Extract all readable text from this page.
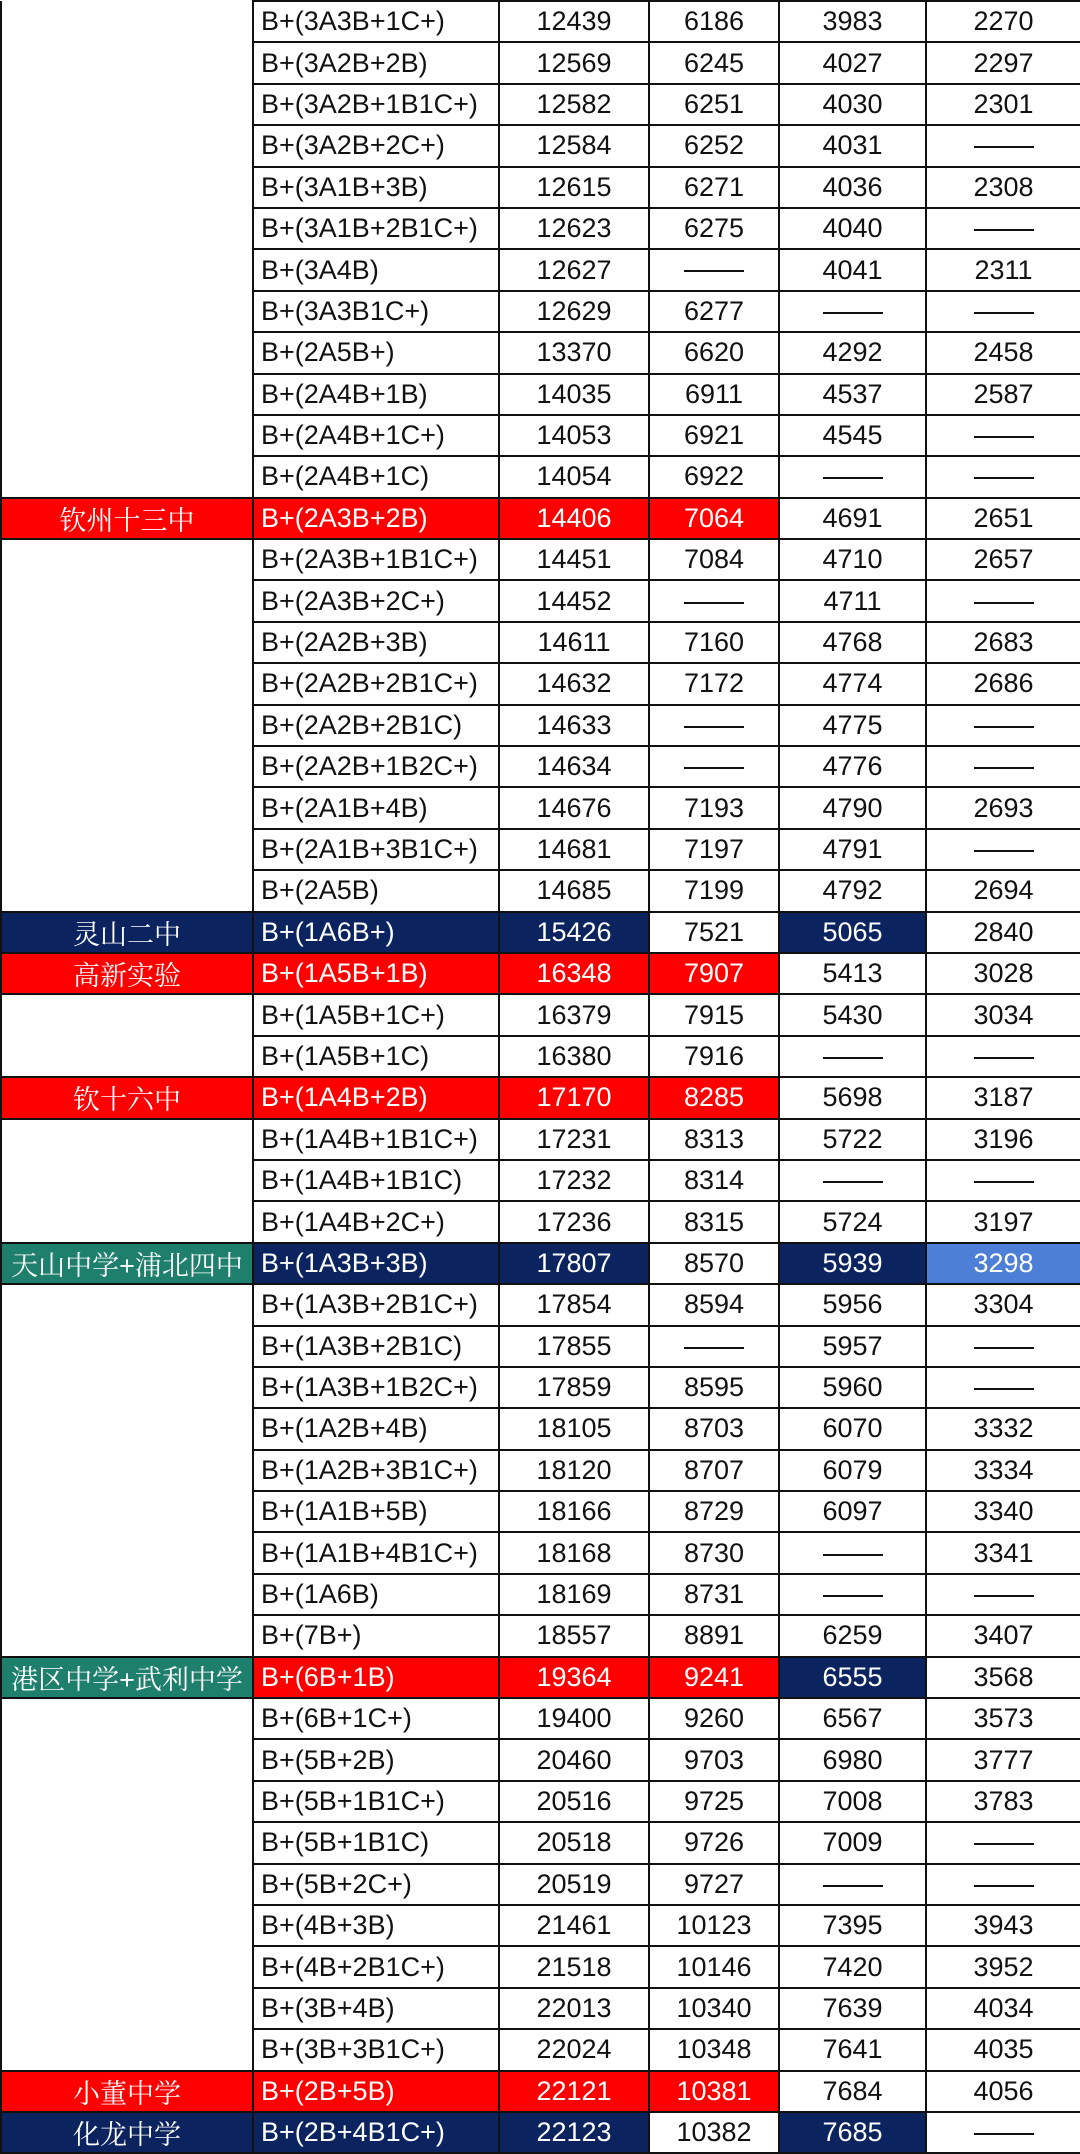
	B+(3A3B+1C+)	12439	6186	3983	2270
	B+(3A2B+2B)	12569	6245	4027	2297
	B+(3A2B+1B1C+)	12582	6251	4030	2301
	B+(3A2B+2C+)	12584	6252	4031	
	B+(3A1B+3B)	12615	6271	4036	2308
	B+(3A1B+2B1C+)	12623	6275	4040	
	B+(3A4B)	12627		4041	2311
	B+(3A3B1C+)	12629	6277		
	B+(2A5B+)	13370	6620	4292	2458
	B+(2A4B+1B)	14035	6911	4537	2587
	B+(2A4B+1C+)	14053	6921	4545	
	B+(2A4B+1C)	14054	6922		
钦州十三中	B+(2A3B+2B)	14406	7064	4691	2651
	B+(2A3B+1B1C+)	14451	7084	4710	2657
	B+(2A3B+2C+)	14452		4711	
	B+(2A2B+3B)	14611	7160	4768	2683
	B+(2A2B+2B1C+)	14632	7172	4774	2686
	B+(2A2B+2B1C)	14633		4775	
	B+(2A2B+1B2C+)	14634		4776	
	B+(2A1B+4B)	14676	7193	4790	2693
	B+(2A1B+3B1C+)	14681	7197	4791	
	B+(2A5B)	14685	7199	4792	2694
灵山二中	B+(1A6B+)	15426	7521	5065	2840
高新实验	B+(1A5B+1B)	16348	7907	5413	3028
	B+(1A5B+1C+)	16379	7915	5430	3034
	B+(1A5B+1C)	16380	7916		
钦十六中	B+(1A4B+2B)	17170	8285	5698	3187
	B+(1A4B+1B1C+)	17231	8313	5722	3196
	B+(1A4B+1B1C)	17232	8314		
	B+(1A4B+2C+)	17236	8315	5724	3197
天山中学+浦北四中	B+(1A3B+3B)	17807	8570	5939	3298
	B+(1A3B+2B1C+)	17854	8594	5956	3304
	B+(1A3B+2B1C)	17855		5957	
	B+(1A3B+1B2C+)	17859	8595	5960	
	B+(1A2B+4B)	18105	8703	6070	3332
	B+(1A2B+3B1C+)	18120	8707	6079	3334
	B+(1A1B+5B)	18166	8729	6097	3340
	B+(1A1B+4B1C+)	18168	8730		3341
	B+(1A6B)	18169	8731		
	B+(7B+)	18557	8891	6259	3407
港区中学+武利中学	B+(6B+1B)	19364	9241	6555	3568
	B+(6B+1C+)	19400	9260	6567	3573
	B+(5B+2B)	20460	9703	6980	3777
	B+(5B+1B1C+)	20516	9725	7008	3783
	B+(5B+1B1C)	20518	9726	7009	
	B+(5B+2C+)	20519	9727		
	B+(4B+3B)	21461	10123	7395	3943
	B+(4B+2B1C+)	21518	10146	7420	3952
	B+(3B+4B)	22013	10340	7639	4034
	B+(3B+3B1C+)	22024	10348	7641	4035
小董中学	B+(2B+5B)	22121	10381	7684	4056
化龙中学	B+(2B+4B1C+)	22123	10382	7685	
